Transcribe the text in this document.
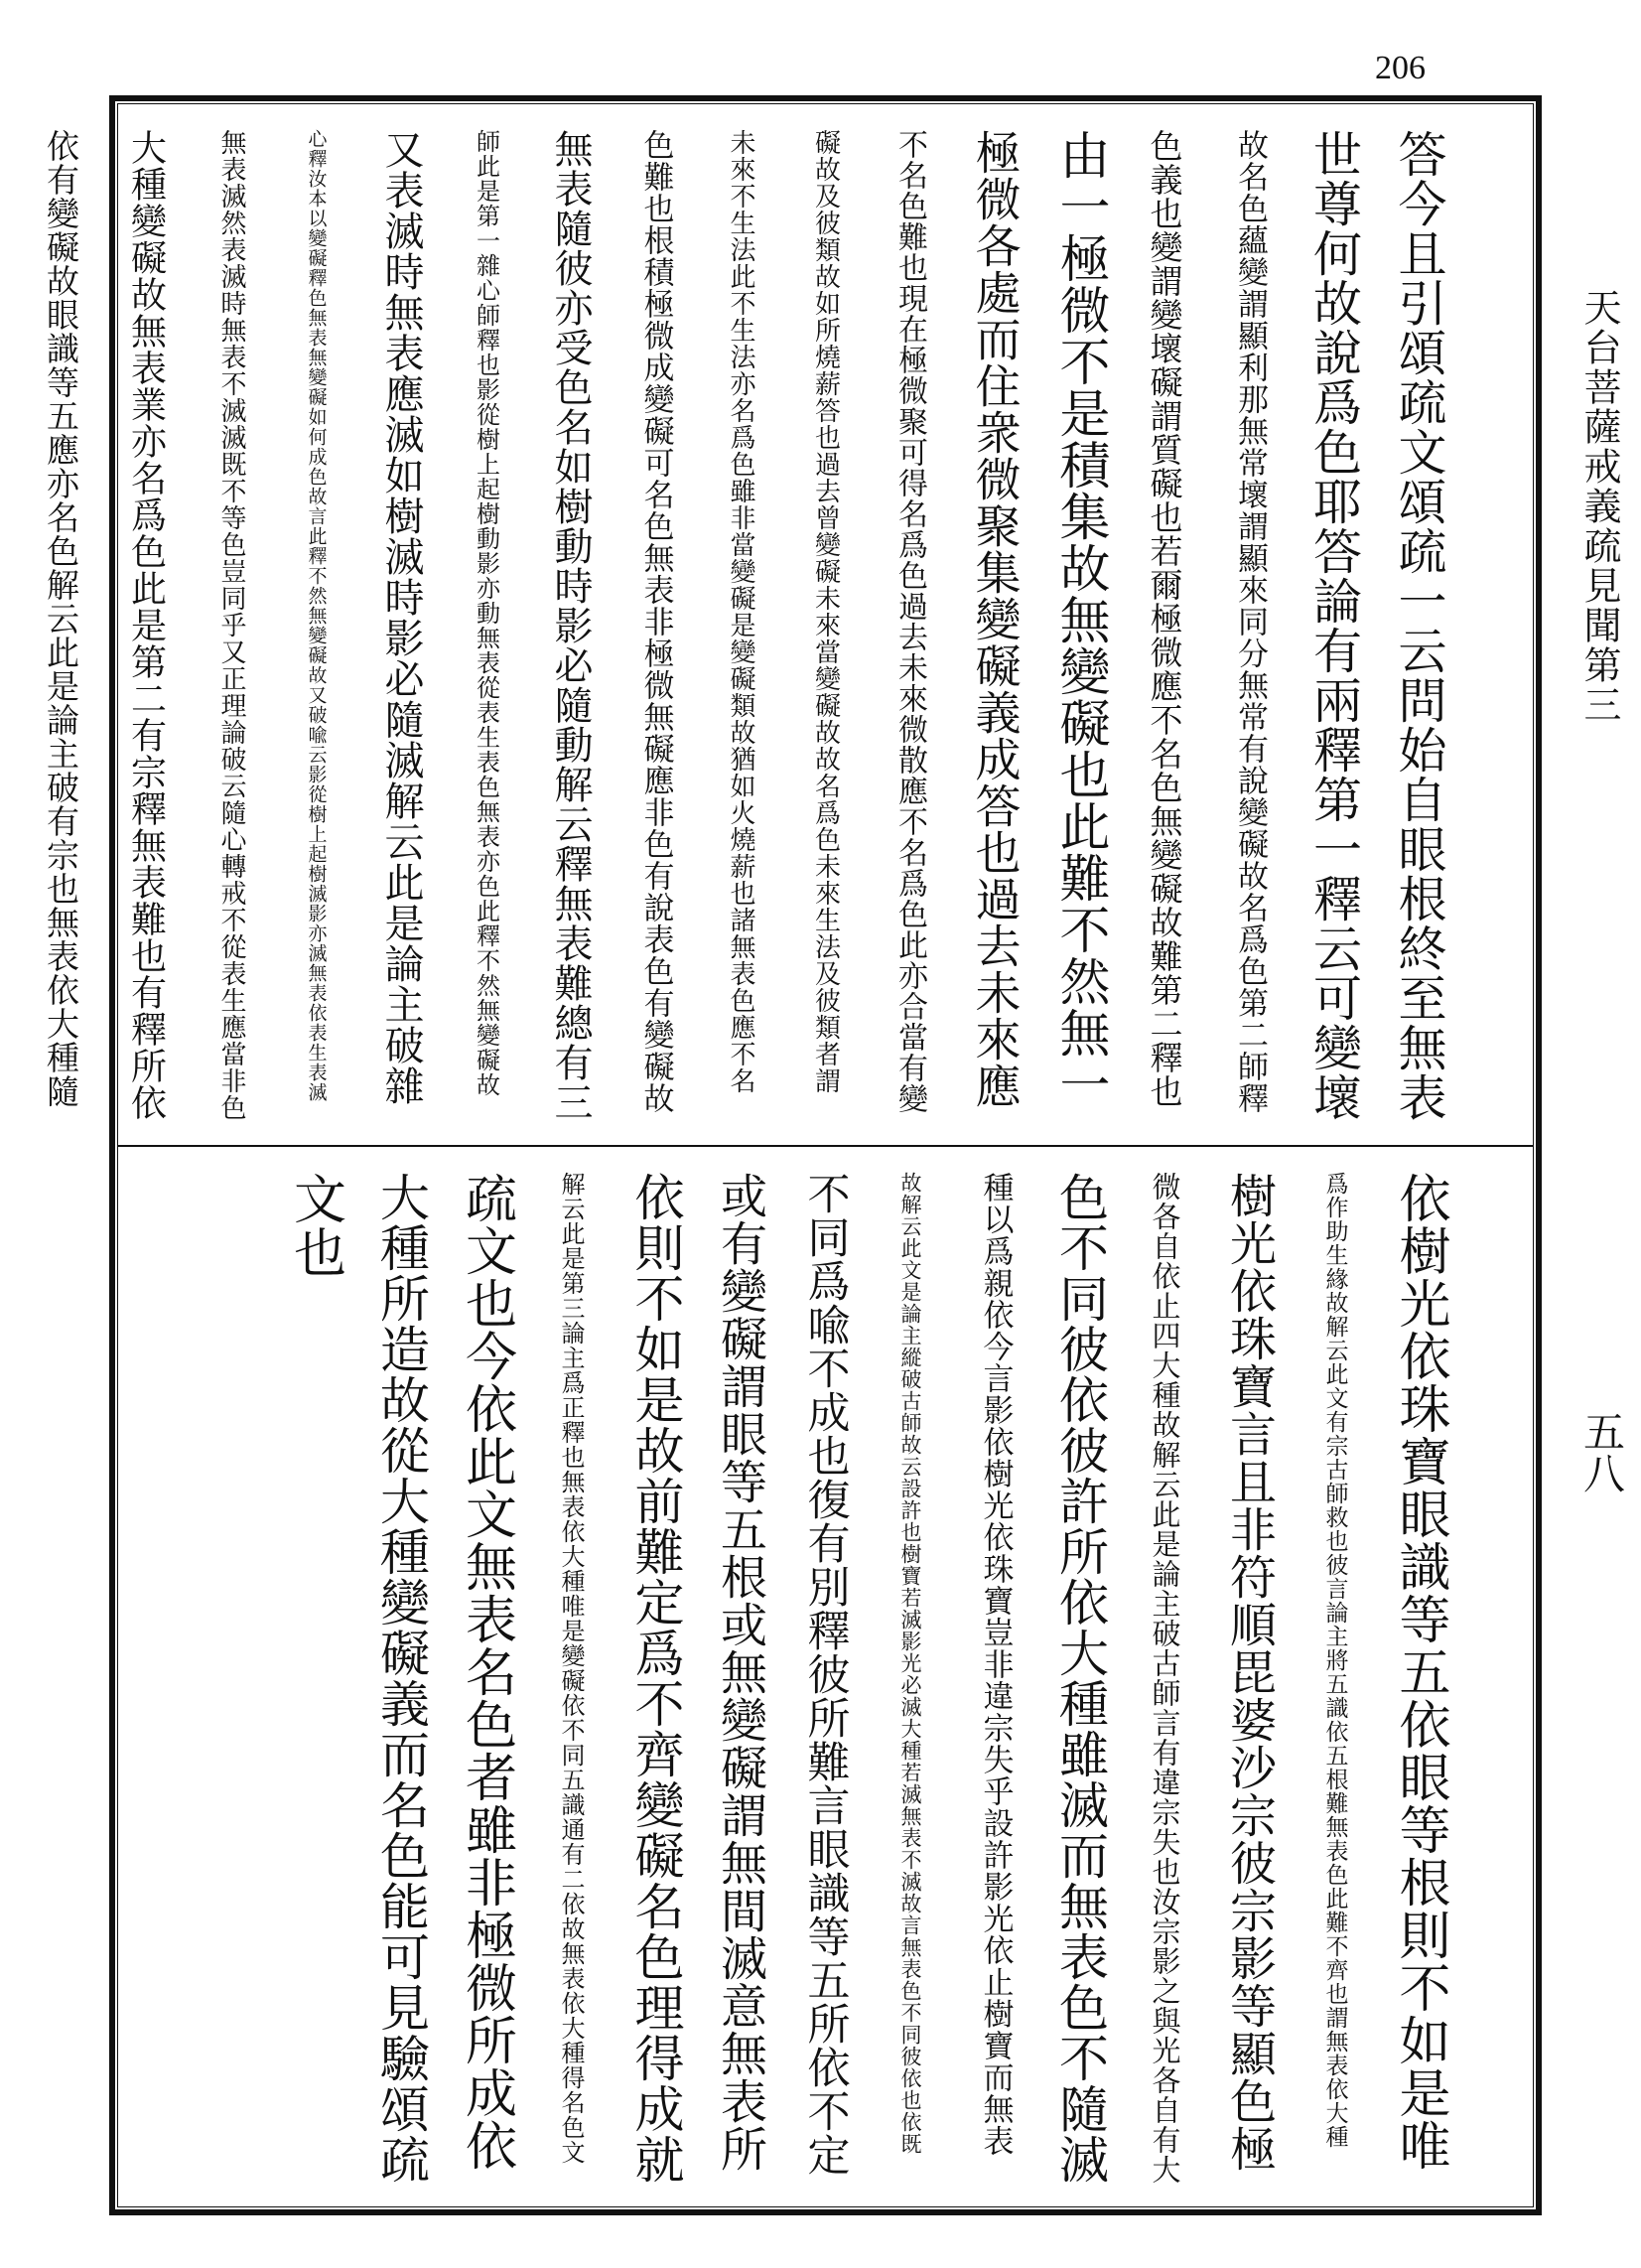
206
天台菩薩戒義疏見聞第三
五八
答今且引頌疏文頌疏一云問始自眼根終至無表
世尊何故說爲色耶答論有兩釋第一釋云可變壞
故名色蘊變謂顯利那無常壞謂顯來同分無常有說變礙故名爲色第二師釋
色義也變謂變壞礙謂質礙也若爾極微應不名色無變礙故難第二釋也
由一極微不是積集故無變礙也此難不然無一
極微各處而住衆微聚集變礙義成答也過去未來應
不名色難也現在極微聚可得名爲色過去未來微散應不名爲色此亦合當有變
礙故及彼類故如所燒薪答也過去曾變礙未來當變礙故故名爲色未來生法及彼類者謂
未來不生法此不生法亦名爲色雖非當變礙是變礙類故猶如火燒薪也諸無表色應不名
色難也根積極微成變礙可名色無表非極微無礙應非色有說表色有變礙故
無表隨彼亦受色名如樹動時影必隨動解云釋無表難總有三
師此是第一雜心師釋也影從樹上起樹動影亦動無表從表生表色無表亦色此釋不然無變礙故
又表滅時無表應滅如樹滅時影必隨滅解云此是論主破雜
心釋汝本以變礙釋色無表無變礙如何成色故言此釋不然無變礙故又破喩云影從樹上起樹滅影亦滅無表依表生表滅
無表滅然表滅時無表不滅滅既不等色豈同乎又正理論破云隨心轉戒不從表生應當非色
大種變礙故無表業亦名爲色此是第二有宗釋無表難也有釋所依
依有變礙故眼識等五應亦名色解云此是論主破有宗也無表依大種隨
依樹光依珠寶眼識等五依眼等根則不如是唯
爲作助生緣故解云此文有宗古師救也彼言論主將五識依五根難無表色此難不齊也謂無表依大種
樹光依珠寶言且非符順毘婆沙宗彼宗影等顯色極
微各自依止四大種故解云此是論主破古師言有違宗失也汝宗影之與光各自有大
色不同彼依彼許所依大種雖滅而無表色不隨滅
種以爲親依今言影依樹光依珠寶豈非違宗失乎設許影光依止樹寶而無表
故解云此文是論主縱破古師故云設許也樹寶若滅影光必滅大種若滅無表不滅故言無表色不同彼依也依既
不同爲喩不成也復有別釋彼所難言眼識等五所依不定
或有變礙謂眼等五根或無變礙謂無間滅意無表所
依則不如是故前難定爲不齊變礙名色理得成就
解云此是第三論主爲正釋也無表依大種唯是變礙依不同五識通有二依故無表依大種得名色文
疏文也今依此文無表名色者雖非極微所成依
大種所造故從大種變礙義而名色能可見驗頌疏
文也
